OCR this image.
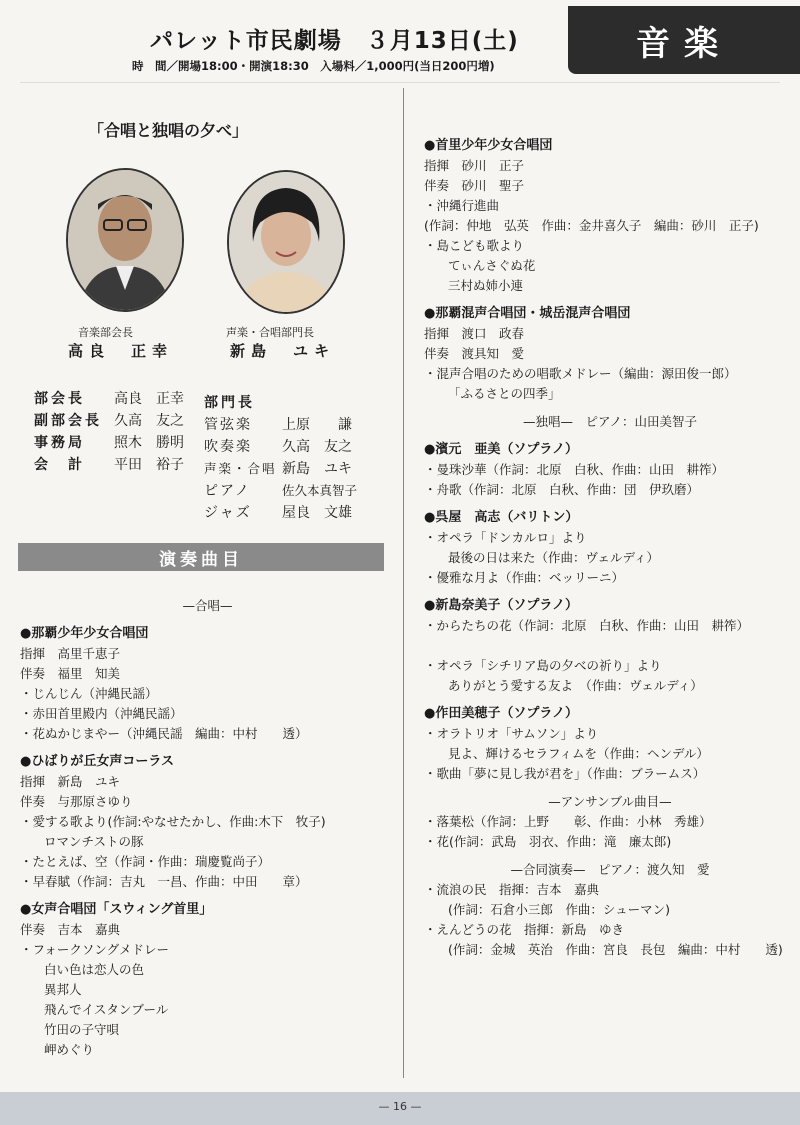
パレット市民劇場　３月13日(土)
時　間／開場18:00・開演18:30　入場料／1,000円(当日200円増)
音楽
「合唱と独唱の夕べ」
音楽部会長
高良　正幸
声楽・合唱部門長
新島　ユキ
部会長 高良　正幸
副部会長 久高　友之
事務局 照木　勝明
会　計 平田　裕子
部門長
管弦楽 上原　　謙
吹奏楽 久高　友之
声楽・合唱 新島　ユキ
ピアノ 佐久本真智子
ジャズ 屋良　文雄
演奏曲目
—合唱—
●那覇少年少女合唱団
指揮　高里千恵子
伴奏　福里　知美
・じんじん（沖縄民謡）
・赤田首里殿内（沖縄民謡）
・花ぬかじまやー（沖縄民謡　編曲：中村　　透）
●ひばりが丘女声コーラス
指揮　新島　ユキ
伴奏　与那原さゆり
・愛する歌より(作詞:やなせたかし、作曲:木下　牧子)
ロマンチストの豚
・たとえば、空（作詞・作曲：瑞慶覧尚子）
・早春賦（作詞：吉丸　一昌、作曲：中田　　章）
●女声合唱団「スウィング首里」
伴奏　吉本　嘉典
・フォークソングメドレー
白い色は恋人の色
異邦人
飛んでイスタンブール
竹田の子守唄
岬めぐり
●首里少年少女合唱団
指揮　砂川　正子
伴奏　砂川　聖子
・沖縄行進曲
(作詞：仲地　弘英　作曲：金井喜久子　編曲：砂川　正子)
・島こども歌より
てぃんさぐぬ花
三村ぬ姉小連
●那覇混声合唱団・城岳混声合唱団
指揮　渡口　政春
伴奏　渡具知　愛
・混声合唱のための唱歌メドレー（編曲：源田俊一郎）
「ふるさとの四季」
—独唱—　ピアノ：山田美智子
●濱元　亜美（ソプラノ）
・曼珠沙華（作詞：北原　白秋、作曲：山田　耕筰）
・舟歌（作詞：北原　白秋、作曲：団　伊玖磨）
●呉屋　高志（バリトン）
・オペラ「ドンカルロ」より
最後の日は来た（作曲：ヴェルディ）
・優雅な月よ（作曲：ベッリーニ）
●新島奈美子（ソプラノ）
・からたちの花（作詞：北原　白秋、作曲：山田　耕筰）
・オペラ「シチリア島の夕べの祈り」より
ありがとう愛する友よ　（作曲：ヴェルディ）
●作田美穂子（ソプラノ）
・オラトリオ「サムソン」より
見よ、輝けるセラフィムを（作曲：ヘンデル）
・歌曲「夢に見し我が君を」（作曲：ブラームス）
—アンサンブル曲目—
・落葉松（作詞：上野　　彰、作曲：小林　秀雄）
・花(作詞：武島　羽衣、作曲：滝　廉太郎)
—合同演奏—　ピアノ：渡久知　愛
・流浪の民　指揮：吉本　嘉典
(作詞：石倉小三郎　作曲：シューマン)
・えんどうの花　指揮：新島　ゆき
(作詞：金城　英治　作曲：宮良　長包　編曲：中村　　透)
— 16 —
